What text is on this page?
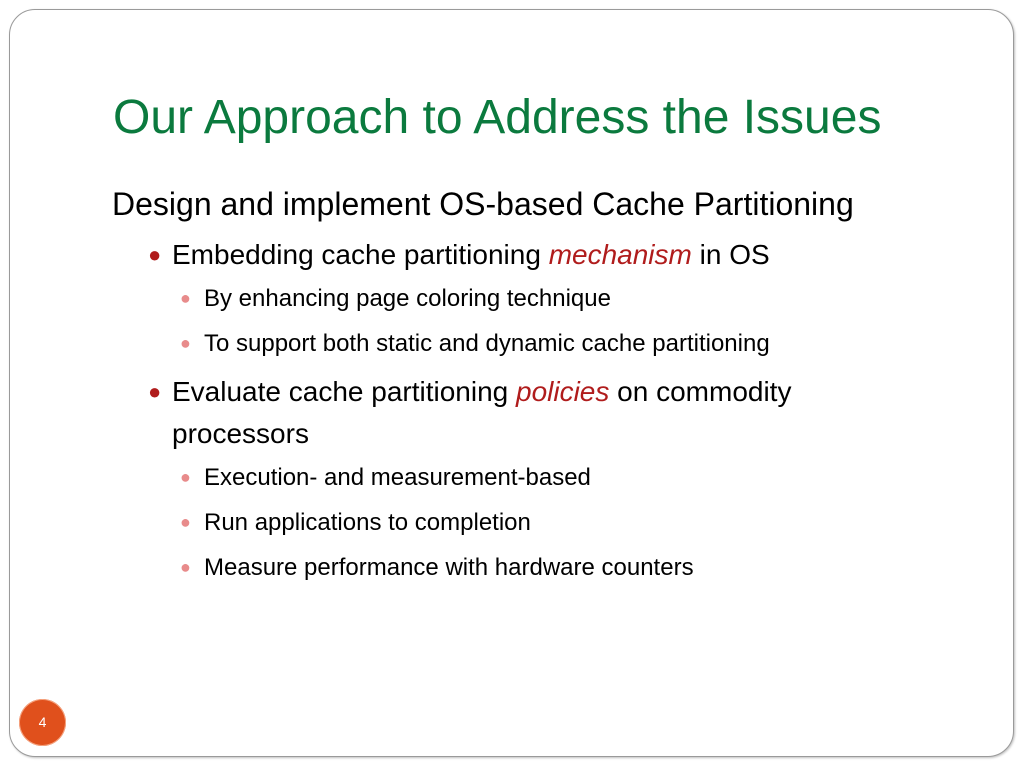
Our Approach to Address the Issues
Design and implement OS-based Cache Partitioning
● Embedding cache partitioning mechanism in OS
● By enhancing page coloring technique
● To support both static and dynamic cache partitioning
● Evaluate cache partitioning policies on commodity processors
● Execution- and measurement-based
● Run applications to completion
● Measure performance with hardware counters
4
